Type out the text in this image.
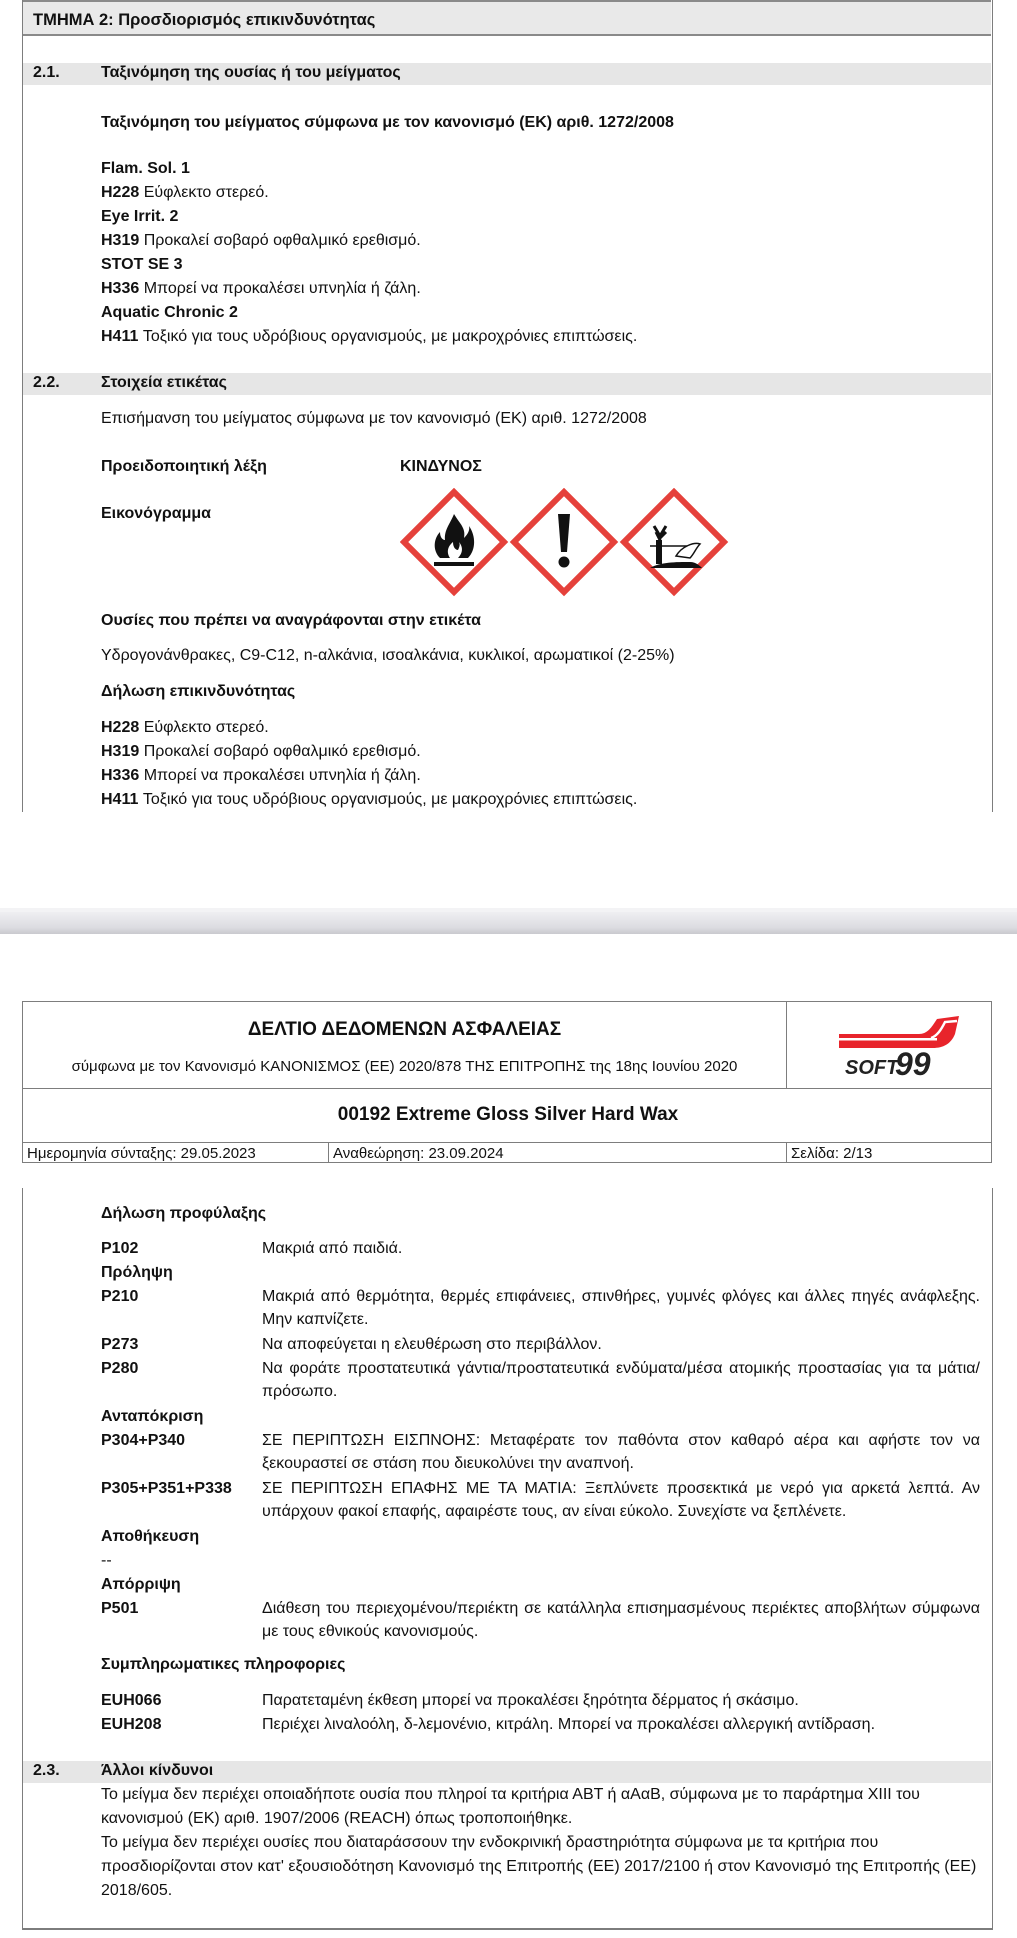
ΤΜΗΜΑ 2: Προσδιορισμός επικινδυνότητας
2.1.	Ταξινόμηση της ουσίας ή του μείγματος
Ταξινόμηση του μείγματος σύμφωνα με τον κανονισμό (ΕΚ) αριθ. 1272/2008
Flam. Sol. 1
H228 Εύφλεκτο στερεό.
Eye Irrit. 2
H319 Προκαλεί σοβαρό οφθαλμικό ερεθισμό.
STOT SE 3
H336 Μπορεί να προκαλέσει υπνηλία ή ζάλη.
Aquatic Chronic 2
H411 Τοξικό για τους υδρόβιους οργανισμούς, με μακροχρόνιες επιπτώσεις.
2.2.	Στοιχεία ετικέτας
Επισήμανση του μείγματος σύμφωνα με τον κανονισμό (ΕΚ) αριθ. 1272/2008
Προειδοποιητική λέξη	ΚΙΝΔΥΝΟΣ
Εικονόγραμμα
Ουσίες που πρέπει να αναγράφονται στην ετικέτα
Υδρογονάνθρακες, C9-C12, n-αλκάνια, ισοαλκάνια, κυκλικοί, αρωματικοί (2-25%)
Δήλωση επικινδυνότητας
H228 Εύφλεκτο στερεό.
H319 Προκαλεί σοβαρό οφθαλμικό ερεθισμό.
H336 Μπορεί να προκαλέσει υπνηλία ή ζάλη.
H411 Τοξικό για τους υδρόβιους οργανισμούς, με μακροχρόνιες επιπτώσεις.
ΔΕΛΤΙΟ ΔΕΔΟΜΕΝΩΝ ΑΣΦΑΛΕΙΑΣ
σύμφωνα με τον Κανονισμό ΚΑΝΟΝΙΣΜΟΣ (ΕΕ) 2020/878 ΤΗΣ ΕΠΙΤΡΟΠΗΣ της 18ης Ιουνίου 2020	SOFT
99
00192 Extreme Gloss Silver Hard Wax
Ημερομηνία σύνταξης: 29.05.2023	Αναθεώρηση: 23.09.2024	Σελίδα: 2/13
Δήλωση προφύλαξης
P102	Μακριά από παιδιά.
Πρόληψη
P210	Μακριά από θερμότητα, θερμές επιφάνειες, σπινθήρες, γυμνές φλόγες και άλλες πηγές ανάφλεξης. Μην καπνίζετε.
P273	Να αποφεύγεται η ελευθέρωση στο περιβάλλον.
P280	Να φοράτε προστατευτικά γάντια/προστατευτικά ενδύματα/μέσα ατομικής προστασίας για τα μάτια/πρόσωπο.
Ανταπόκριση
P304+P340	ΣΕ ΠΕΡΙΠΤΩΣΗ ΕΙΣΠΝΟΗΣ: Μεταφέρατε τον παθόντα στον καθαρό αέρα και αφήστε τον να ξεκουραστεί σε στάση που διευκολύνει την αναπνοή.
P305+P351+P338 ΣΕ ΠΕΡΙΠΤΩΣΗ ΕΠΑΦΗΣ ΜΕ ΤΑ ΜΑΤΙΑ: Ξεπλύνετε προσεκτικά με νερό για αρκετά λεπτά. Αν υπάρχουν φακοί επαφής, αφαιρέστε τους, αν είναι εύκολο. Συνεχίστε να ξεπλένετε.
Αποθήκευση
--
Απόρριψη
P501	Διάθεση του περιεχομένου/περιέκτη σε κατάλληλα επισημασμένους περιέκτες αποβλήτων σύμφωνα με τους εθνικούς κανονισμούς.
Συμπληρωματικες πληροφοριες
EUH066	Παρατεταμένη έκθεση μπορεί να προκαλέσει ξηρότητα δέρματος ή σκάσιμο.
EUH208	Περιέχει λιναλοόλη, δ-λεμονένιο, κιτράλη. Μπορεί να προκαλέσει αλλεργική αντίδραση.
2.3.	Άλλοι κίνδυνοι
Το μείγμα δεν περιέχει οποιαδήποτε ουσία που πληροί τα κριτήρια ΑΒΤ ή αΑαΒ, σύμφωνα με το παράρτημα XIII του κανονισμού (ΕΚ) αριθ. 1907/2006 (REACH) όπως τροποποιήθηκε.
Το μείγμα δεν περιέχει ουσίες που διαταράσσουν την ενδοκρινική δραστηριότητα σύμφωνα με τα κριτήρια που προσδιορίζονται στον κατ' εξουσιοδότηση Κανονισμό της Επιτροπής (ΕΕ) 2017/2100 ή στον Κανονισμό της Επιτροπής (ΕΕ) 2018/605.
